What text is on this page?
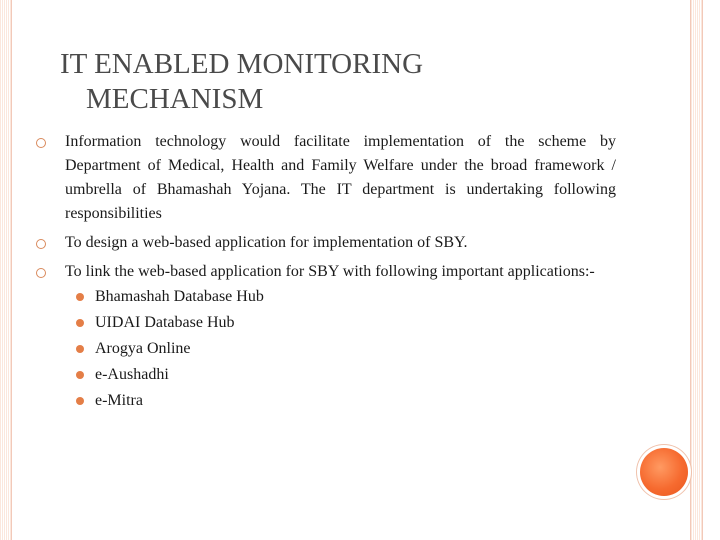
IT ENABLED MONITORING
MECHANISM
Information technology would facilitate implementation of the scheme by Department of Medical, Health and Family Welfare under the broad framework / umbrella of Bhamashah Yojana. The IT department is undertaking following responsibilities
To design a web-based application for implementation of SBY.
To link the web-based application for SBY with following important applications:-
Bhamashah Database Hub
UIDAI Database Hub
Arogya Online
e-Aushadhi
e-Mitra
